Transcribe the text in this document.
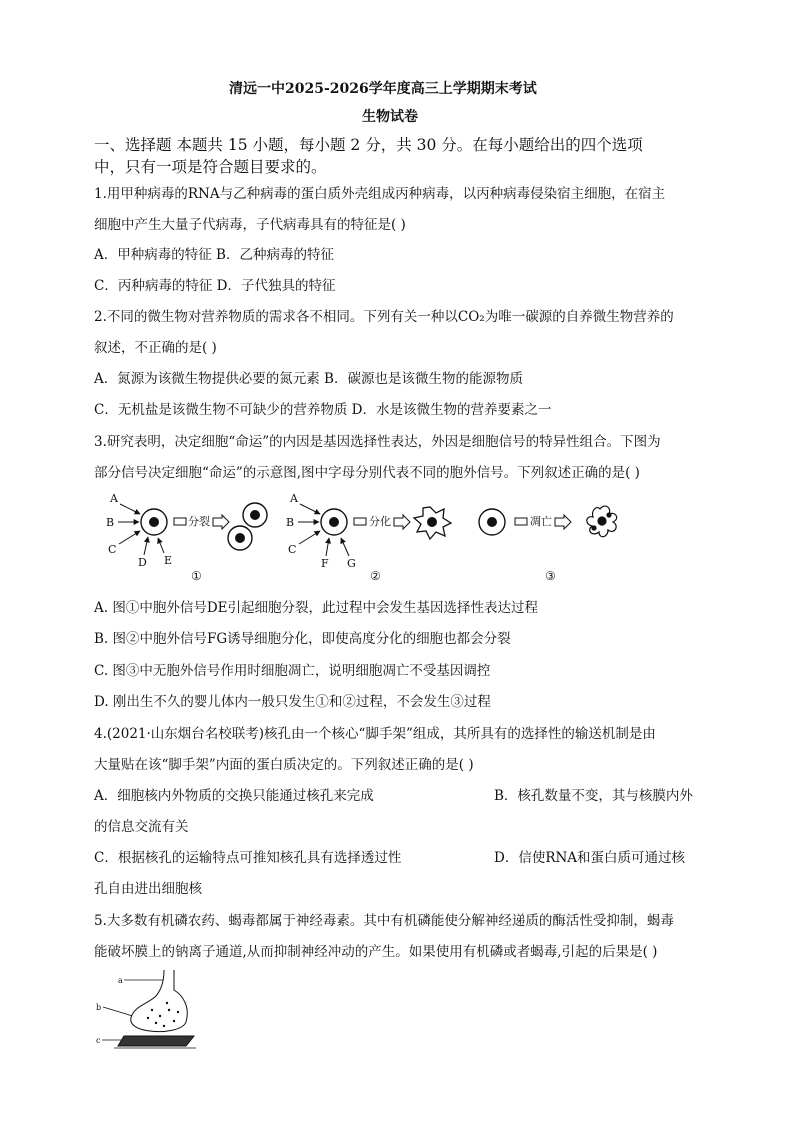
清远一中2025-2026学年度高三上学期期末考试
生物试卷
一、选择题 本题共 15 小题，每小题 2 分，共 30 分。在每小题给出的四个选项
中，只有一项是符合题目要求的。
1.用甲种病毒的RNA与乙种病毒的蛋白质外壳组成丙种病毒，以丙种病毒侵染宿主细胞，在宿主
细胞中产生大量子代病毒，子代病毒具有的特征是( )
A．甲种病毒的特征 B．乙种病毒的特征
C．丙种病毒的特征 D．子代独具的特征
2.不同的微生物对营养物质的需求各不相同。下列有关一种以CO₂为唯一碳源的自养微生物营养的
叙述，不正确的是( )
A．氮源为该微生物提供必要的氮元素 B．碳源也是该微生物的能源物质
C．无机盐是该微生物不可缺少的营养物质 D．水是该微生物的营养要素之一
3.研究表明，决定细胞“命运”的内因是基因选择性表达，外因是细胞信号的特异性组合。下图为
部分信号决定细胞“命运”的示意图,图中字母分别代表不同的胞外信号。下列叙述正确的是( )
A
B
C
D E
分裂
①
A
B
C
F G
分化
②
凋亡
③
A. 图①中胞外信号DE引起细胞分裂，此过程中会发生基因选择性表达过程
B. 图②中胞外信号FG诱导细胞分化，即使高度分化的细胞也都会分裂
C. 图③中无胞外信号作用时细胞凋亡，说明细胞凋亡不受基因调控
D. 刚出生不久的婴儿体内一般只发生①和②过程，不会发生③过程
4.(2021·山东烟台名校联考)核孔由一个核心“脚手架”组成，其所具有的选择性的输送机制是由
大量贴在该“脚手架”内面的蛋白质决定的。下列叙述正确的是( )
A．细胞核内外物质的交换只能通过核孔来完成	B．核孔数量不变，其与核膜内外
的信息交流有关
C．根据核孔的运输特点可推知核孔具有选择透过性	D．信使RNA和蛋白质可通过核
孔自由进出细胞核
5.大多数有机磷农药、蝎毒都属于神经毒素。其中有机磷能使分解神经递质的酶活性受抑制，蝎毒
能破坏膜上的钠离子通道,从而抑制神经冲动的产生。如果使用有机磷或者蝎毒,引起的后果是( )
a
b
c
